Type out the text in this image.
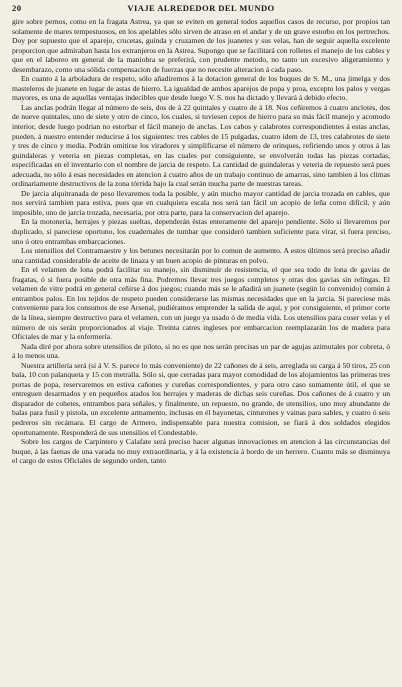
20	VIAJE ALREDEDOR DEL MUNDO

gire sobre pernos, como en la fragata Astrea, ya que se eviten en general todos aquellos casos de recurso, por propios tan solamente de mares tempestuosos, en los apelables sólo sirven de atraso en el andar y de un grave estorbo en los pertrechos. Doy por supuesto que el aparejo, crucetas, guinda y cruzamen de los juanetes y sus velas, han de seguir aquella excelente proporcion que admiraban hasta los extranjeros en la Astrea. Supongo que se facilitará con rolletes el manejo de los cables y que en el laboreo en general de la maniobra se preferirá, con prudente metodo, no tanto un excesivo aligeramiento y desembarazo, como una sólida compensacion de fuerzas que no necesite alteracion á cada paso.

En cuanto á la arboladura de respeto, sólo añadiremos á la dotacion general de los buques de S. M., una jimelga y dos masteleros de juanete en lugar de astas de hierro. La igualdad de ambos aparejos de popa y proa, excepto los palos y vergas mayores, es una de aquellas ventajas indecibles que desde luego V. S. nos ha dictado y llevará á debido efecto.

Las anclas podrán llegar al número de seis, dos de á 22 quintales y cuatro de á 18. Nos ceñiremos á cuatro anclotes, dos de nueve quintales, uno de siete y otro de cinco, los cuales, si tuviesen cepos de hierro para su más fácil manejo y acomodo interior, desde luego podrian no estorbar el fácil manejo de anclas. Los cabos y calabrotes correspondientes á estas anclas, pueden, á nuestro entender reducirse á los siguientes: tres cables de 15 pulgadas, cuatro idem de 13, tres calabrotes de siete y tres de cinco y media. Podrán omitirse los viradores y simplificarse el número de orinques, refiriendo unos y otros á las guindaleras y veteria en piezas completas, en las cuales por consiguiente, se envolverán todas las piezas cortadas, especificadas en el inventario con el nombre de jarcia de respeto. La cantidad de guindaleras y veteria de repuesto será pues adecuada, no sólo á esas necesidades en atencion á cuatro años de un trabajo continuo de amarras, sino tambien á los climas ordinariamente destructivos de la zona tórrida bajo la cual serán mucha parte de nuestras tareas.

De jarcia alquitranada de peso llevaremos toda la posible, y aún mucho mayor cantidad de jarcia trozada en cables, que nos servirá tambien para estiva, pues que en cualquiera escala nos será tan fácil un acopio de leña como difícil, y aún imposible, uno de jarcia trozada, necesaria, por otra parte, para la conservacion del aparejo.

En la motonería, herrajes y piezas sueltas, dependerán éstas enteramente del aparejo pendiente. Sólo si llevaremos por duplicado, si pareciese oportuno, los cuadernales de tumbar que consideró tambien suficiente para virar, si fuera preciso, uno ú otro entrambas embarcaciones.

Los utensilios del Contramaestre y los betunes necesitarán por lo comun de aumento. A estos últimos será preciso añadir una cantidad considerable de aceite de linaza y un buen acopio de pinturas en polvo.

En el velamen de lona podrá facilitar su manejo, sin disminuir de resistencia, el que sea todo de lona de gavias de fragatas, ó si fuera posible de otra más fina. Podremos llevar tres juegos completos y otras dos gavias sin relingas. El velamen de vitre podrá en general ceñirse á dos juegos; cuando más se le añadirá un juanete (según lo convenido) común á entrambos palos. En los tejidos de respeto pueden considerarse las mismas necesidades que en la jarcia. Si pareciese más conveniente para los consumos de ese Arsenal, pudiéramos emprender la salida de aquí, y por consiguiente, el primer corte de la línea, siempre destructivo para el velamen, con un juego ya usado ó de media vida. Los utensilios para coser velas y el número de ois serán proporcionados al viaje. Treinta catres ingleses por embarcacion reemplazarán los de madera para Oficiales de mar y la enfermería.

Nada diré por ahora sobre utensilios de piloto, si no es que nos serán precisas un par de agujas azimutales por cobreta, ó á lo menos una.

Nuestra artillería será (si á V. S. parece lo más conveniente) de 22 cañones de á seis, arreglada su carga á 50 tiros, 25 con bala, 10 con palanqueta y 15 con metralla. Sólo si, que cerradas para mayor comodidad de los alojamientos las primeras tres portas de popa, reservaremos en estiva cañones y cureñas correspondientes, y para otro caso sumamente útil, el que se entreguen desarmados y en pequeños atados los herrajes y maderas de dichas seis cureñas. Dos cañones de á cuatro y un disparador de cohetes, entrambos para señales, y finalmente, un repuesto, no grande, de utensilios, uno muy abundante de balas para fusil y pistola, un excelente armamento, inclusas en él bayonetas, cinturones y vainas para sables, y cuatro ó seis pedreros sin recámara. El cargo de Armero, indispensable para nuestra comision, se fiará á dos soldados elegidos oportunamente. Responderá de sus utensilios el Condestable.

Sobre los cargos de Carpintero y Calafate será preciso hacer algunas innovaciones en atencion á las circunstancias del buque, á las faenas de una varada no muy extraordinaria, y á la existencia á bordo de un herrero. Cuanto más se disminuya el cargo de estos Oficiales de segundo orden, tanto
